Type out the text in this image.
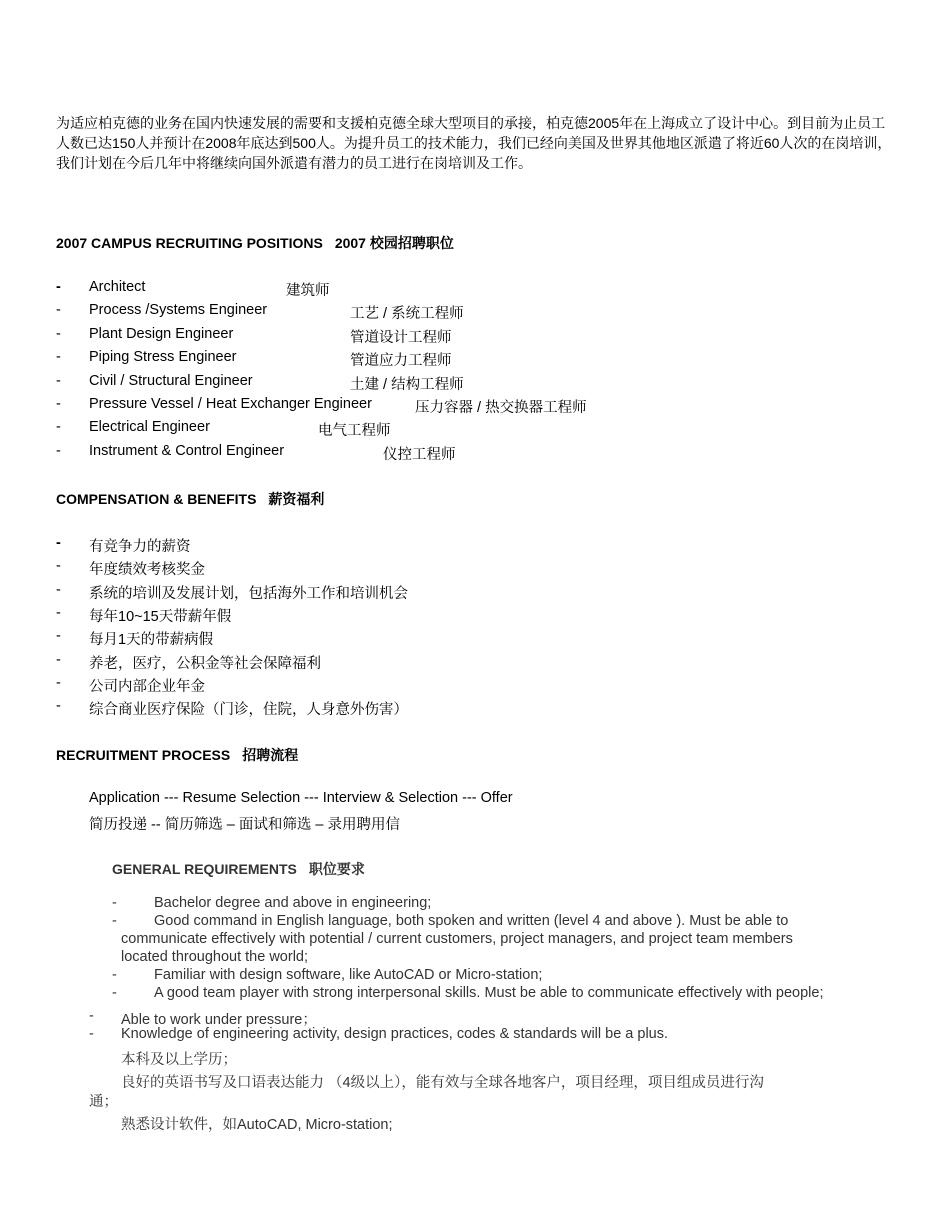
为适应柏克德的业务在国内快速发展的需要和支援柏克德全球大型项目的承接，柏克德2005年在上海成立了设计中心。到目前为止员工人数已达150人并预计在2008年底达到500人。为提升员工的技术能力，我们已经向美国及世界其他地区派遣了将近60人次的在岗培训，我们计划在今后几年中将继续向国外派遣有潜力的员工进行在岗培训及工作。
2007 CAMPUS RECRUITING POSITIONS 2007 校园招聘职位
- Architect	建筑师
- Process /Systems Engineer	工艺 / 系统工程师
- Plant Design Engineer	管道设计工程师
- Piping Stress Engineer	管道应力工程师
- Civil / Structural Engineer	土建 / 结构工程师
- Pressure Vessel / Heat Exchanger Engineer	压力容器 / 热交换器工程师
- Electrical Engineer	电气工程师
- Instrument & Control Engineer	仪控工程师
COMPENSATION & BENEFITS 薪资福利
- 有竞争力的薪资
- 年度绩效考核奖金
- 系统的培训及发展计划，包括海外工作和培训机会
- 每年10~15天带薪年假
- 每月1天的带薪病假
- 养老，医疗，公积金等社会保障福利
- 公司内部企业年金
- 综合商业医疗保险（门诊，住院，人身意外伤害）
RECRUITMENT PROCESS 招聘流程
Application --- Resume Selection --- Interview & Selection --- Offer
简历投递 -- 简历筛选 – 面试和筛选 – 录用聘用信
GENERAL REQUIREMENTS 职位要求
-	Bachelor degree and above in engineering;
-	Good command in English language, both spoken and written (level 4 and above ). Must be able to
communicate effectively with potential / current customers, project managers, and project team members
located throughout the world;
-	Familiar with design software, like AutoCAD or Micro-station;
-	A good team player with strong interpersonal skills. Must be able to communicate effectively with people;
- Able to work under pressure；
- Knowledge of engineering activity, design practices, codes & standards will be a plus.
本科及以上学历；
良好的英语书写及口语表达能力 （4级以上），能有效与全球各地客户，项目经理，项目组成员进行沟
通；
熟悉设计软件，如AutoCAD, Micro-station;
